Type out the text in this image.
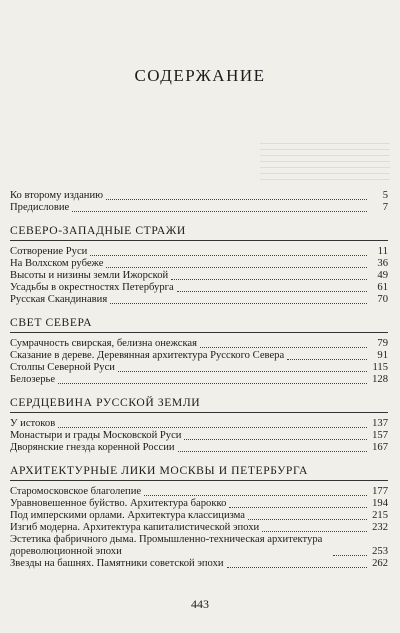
СОДЕРЖАНИЕ
Ко второму изданию	5
Предисловие	7
СЕВЕРО-ЗАПАДНЫЕ СТРАЖИ
Сотворение Руси	11
На Волхском рубеже	36
Высоты и низины земли Ижорской	49
Усадьбы в окрестностях Петербурга	61
Русская Скандинавия	70
СВЕТ СЕВЕРА
Сумрачность свирская, белизна онежская	79
Сказание в дереве. Деревянная архитектура Русского Севера	91
Столпы Северной Руси	115
Белозерье	128
СЕРДЦЕВИНА РУССКОЙ ЗЕМЛИ
У истоков	137
Монастыри и грады Московской Руси	157
Дворянские гнезда коренной России	167
АРХИТЕКТУРНЫЕ ЛИКИ МОСКВЫ И ПЕТЕРБУРГА
Старомосковское благолепие	177
Уравновешенное буйство. Архитектура барокко	194
Под имперскими орлами. Архитектура классицизма	215
Изгиб модерна. Архитектура капиталистической эпохи	232
Эстетика фабричного дыма. Промышленно-техническая архитектура дореволюционной эпохи	253
Звезды на башнях. Памятники советской эпохи	262
443
